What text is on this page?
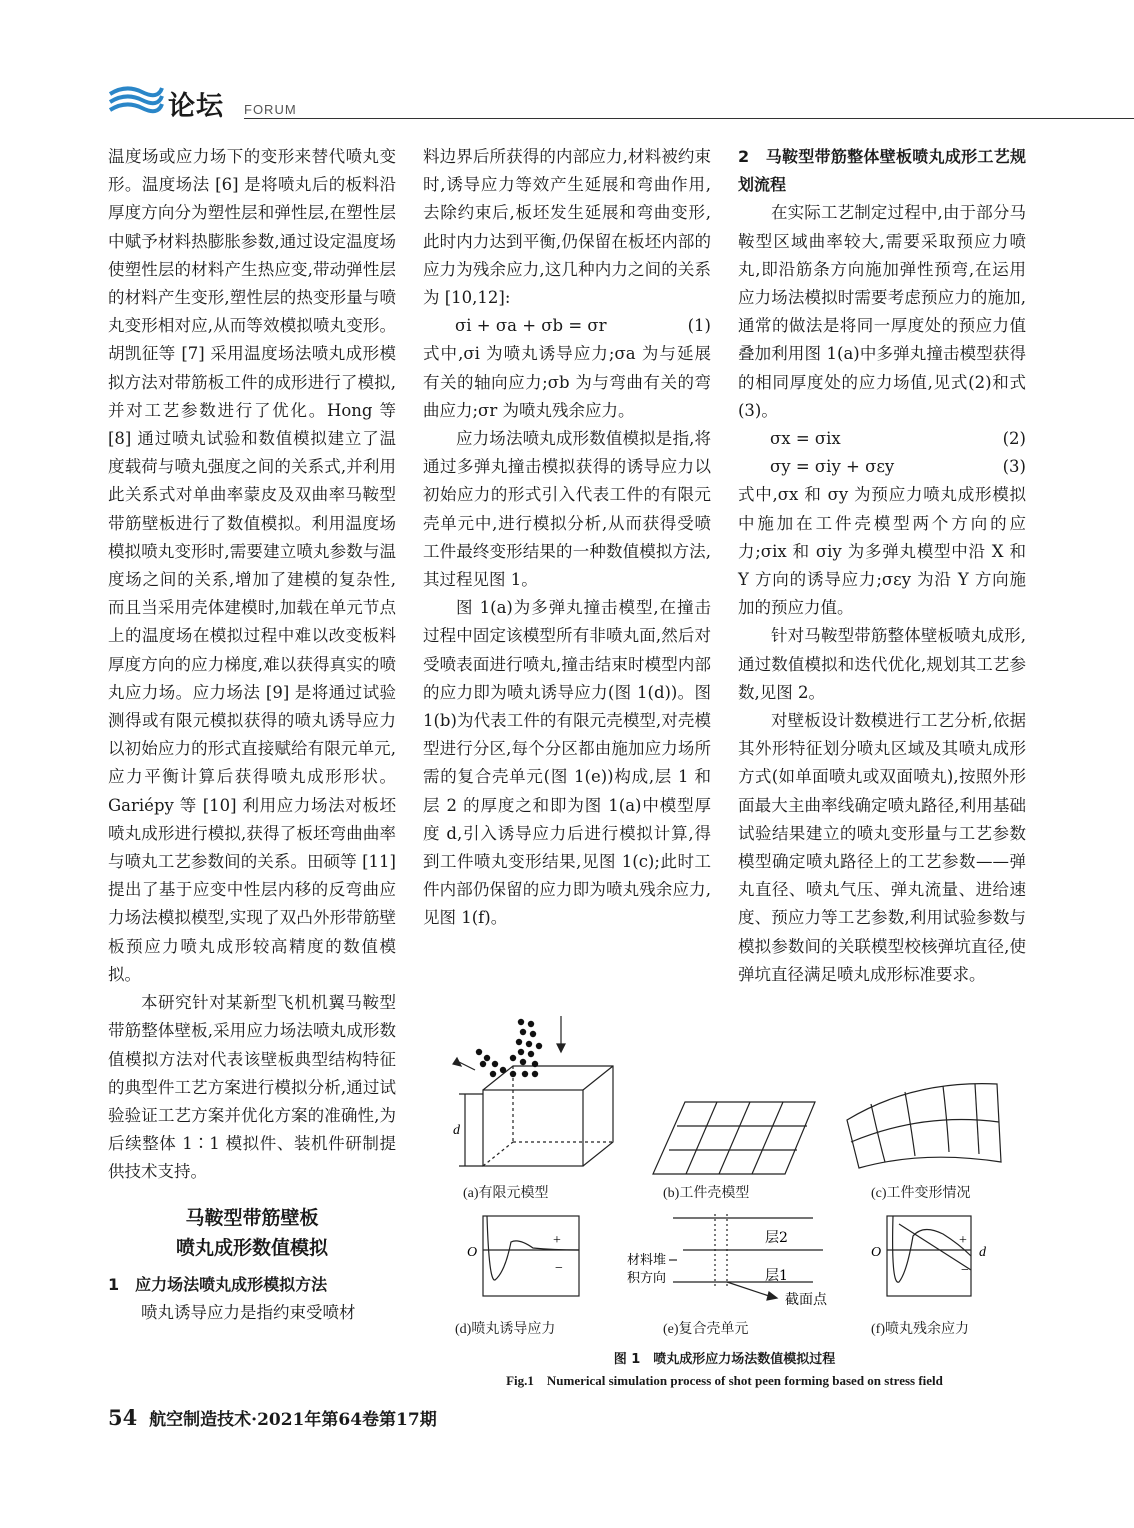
论坛 FORUM

温度场或应力场下的变形来替代喷丸变形。温度场法 [6] 是将喷丸后的板料沿厚度方向分为塑性层和弹性层,在塑性层中赋予材料热膨胀参数,通过设定温度场使塑性层的材料产生热应变,带动弹性层的材料产生变形,塑性层的热变形量与喷丸变形相对应,从而等效模拟喷丸变形。胡凯征等 [7] 采用温度场法喷丸成形模拟方法对带筋板工件的成形进行了模拟,并对工艺参数进行了优化。Hong 等 [8] 通过喷丸试验和数值模拟建立了温度载荷与喷丸强度之间的关系式,并利用此关系式对单曲率蒙皮及双曲率马鞍型带筋壁板进行了数值模拟。利用温度场模拟喷丸变形时,需要建立喷丸参数与温度场之间的关系,增加了建模的复杂性,而且当采用壳体建模时,加载在单元节点上的温度场在模拟过程中难以改变板料厚度方向的应力梯度,难以获得真实的喷丸应力场。应力场法 [9] 是将通过试验测得或有限元模拟获得的喷丸诱导应力以初始应力的形式直接赋给有限元单元,应力平衡计算后获得喷丸成形形状。Gariépy 等 [10] 利用应力场法对板坯喷丸成形进行模拟,获得了板坯弯曲曲率与喷丸工艺参数间的关系。田硕等 [11] 提出了基于应变中性层内移的反弯曲应力场法模拟模型,实现了双凸外形带筋壁板预应力喷丸成形较高精度的数值模拟。

本研究针对某新型飞机机翼马鞍型带筋整体壁板,采用应力场法喷丸成形数值模拟方法对代表该壁板典型结构特征的典型件工艺方案进行模拟分析,通过试验验证工艺方案并优化方案的准确性,为后续整体 1∶1 模拟件、装机件研制提供技术支持。

马鞍型带筋壁板
喷丸成形数值模拟

1　应力场法喷丸成形模拟方法

喷丸诱导应力是指约束受喷材

料边界后所获得的内部应力,材料被约束时,诱导应力等效产生延展和弯曲作用,去除约束后,板坯发生延展和弯曲变形,此时内力达到平衡,仍保留在板坯内部的应力为残余应力,这几种内力之间的关系为 [10,12]:

σi + σa + σb = σr	(1)

式中,σi 为喷丸诱导应力;σa 为与延展有关的轴向应力;σb 为与弯曲有关的弯曲应力;σr 为喷丸残余应力。

应力场法喷丸成形数值模拟是指,将通过多弹丸撞击模拟获得的诱导应力以初始应力的形式引入代表工件的有限元壳单元中,进行模拟分析,从而获得受喷工件最终变形结果的一种数值模拟方法,其过程见图 1。

图 1(a)为多弹丸撞击模型,在撞击过程中固定该模型所有非喷丸面,然后对受喷表面进行喷丸,撞击结束时模型内部的应力即为喷丸诱导应力(图 1(d))。图 1(b)为代表工件的有限元壳模型,对壳模型进行分区,每个分区都由施加应力场所需的复合壳单元(图 1(e))构成,层 1 和层 2 的厚度之和即为图 1(a)中模型厚度 d,引入诱导应力后进行模拟计算,得到工件喷丸变形结果,见图 1(c);此时工件内部仍保留的应力即为喷丸残余应力,见图 1(f)。

2　马鞍型带筋整体壁板喷丸成形工艺规划流程

在实际工艺制定过程中,由于部分马鞍型区域曲率较大,需要采取预应力喷丸,即沿筋条方向施加弹性预弯,在运用应力场法模拟时需要考虑预应力的施加,通常的做法是将同一厚度处的预应力值叠加利用图 1(a)中多弹丸撞击模型获得的相同厚度处的应力场值,见式(2)和式(3)。

σx = σix	(2)
σy = σiy + σεy	(3)

式中,σx 和 σy 为预应力喷丸成形模拟中施加在工件壳模型两个方向的应力;σix 和 σiy 为多弹丸模型中沿 X 和 Y 方向的诱导应力;σεy 为沿 Y 方向施加的预应力值。

针对马鞍型带筋整体壁板喷丸成形,通过数值模拟和迭代优化,规划其工艺参数,见图 2。

对壁板设计数模进行工艺分析,依据其外形特征划分喷丸区域及其喷丸成形方式(如单面喷丸或双面喷丸),按照外形面最大主曲率线确定喷丸路径,利用基础试验结果建立的喷丸变形量与工艺参数模型确定喷丸路径上的工艺参数——弹丸直径、喷丸气压、弹丸流量、进给速度、预应力等工艺参数,利用试验参数与模拟参数间的关联模型校核弹坑直径,使弹坑直径满足喷丸成形标准要求。

d
O
+
−
O
+
−
d
层2
层1
材料堆
积方向
截面点
(a)有限元模型	(b)工件壳模型	(c)工件变形情况
(d)喷丸诱导应力	(e)复合壳单元	(f)喷丸残余应力
图 1　喷丸成形应力场法数值模拟过程
Fig.1　Numerical simulation process of shot peen forming based on stress field
54 航空制造技术·2021年第64卷第17期
